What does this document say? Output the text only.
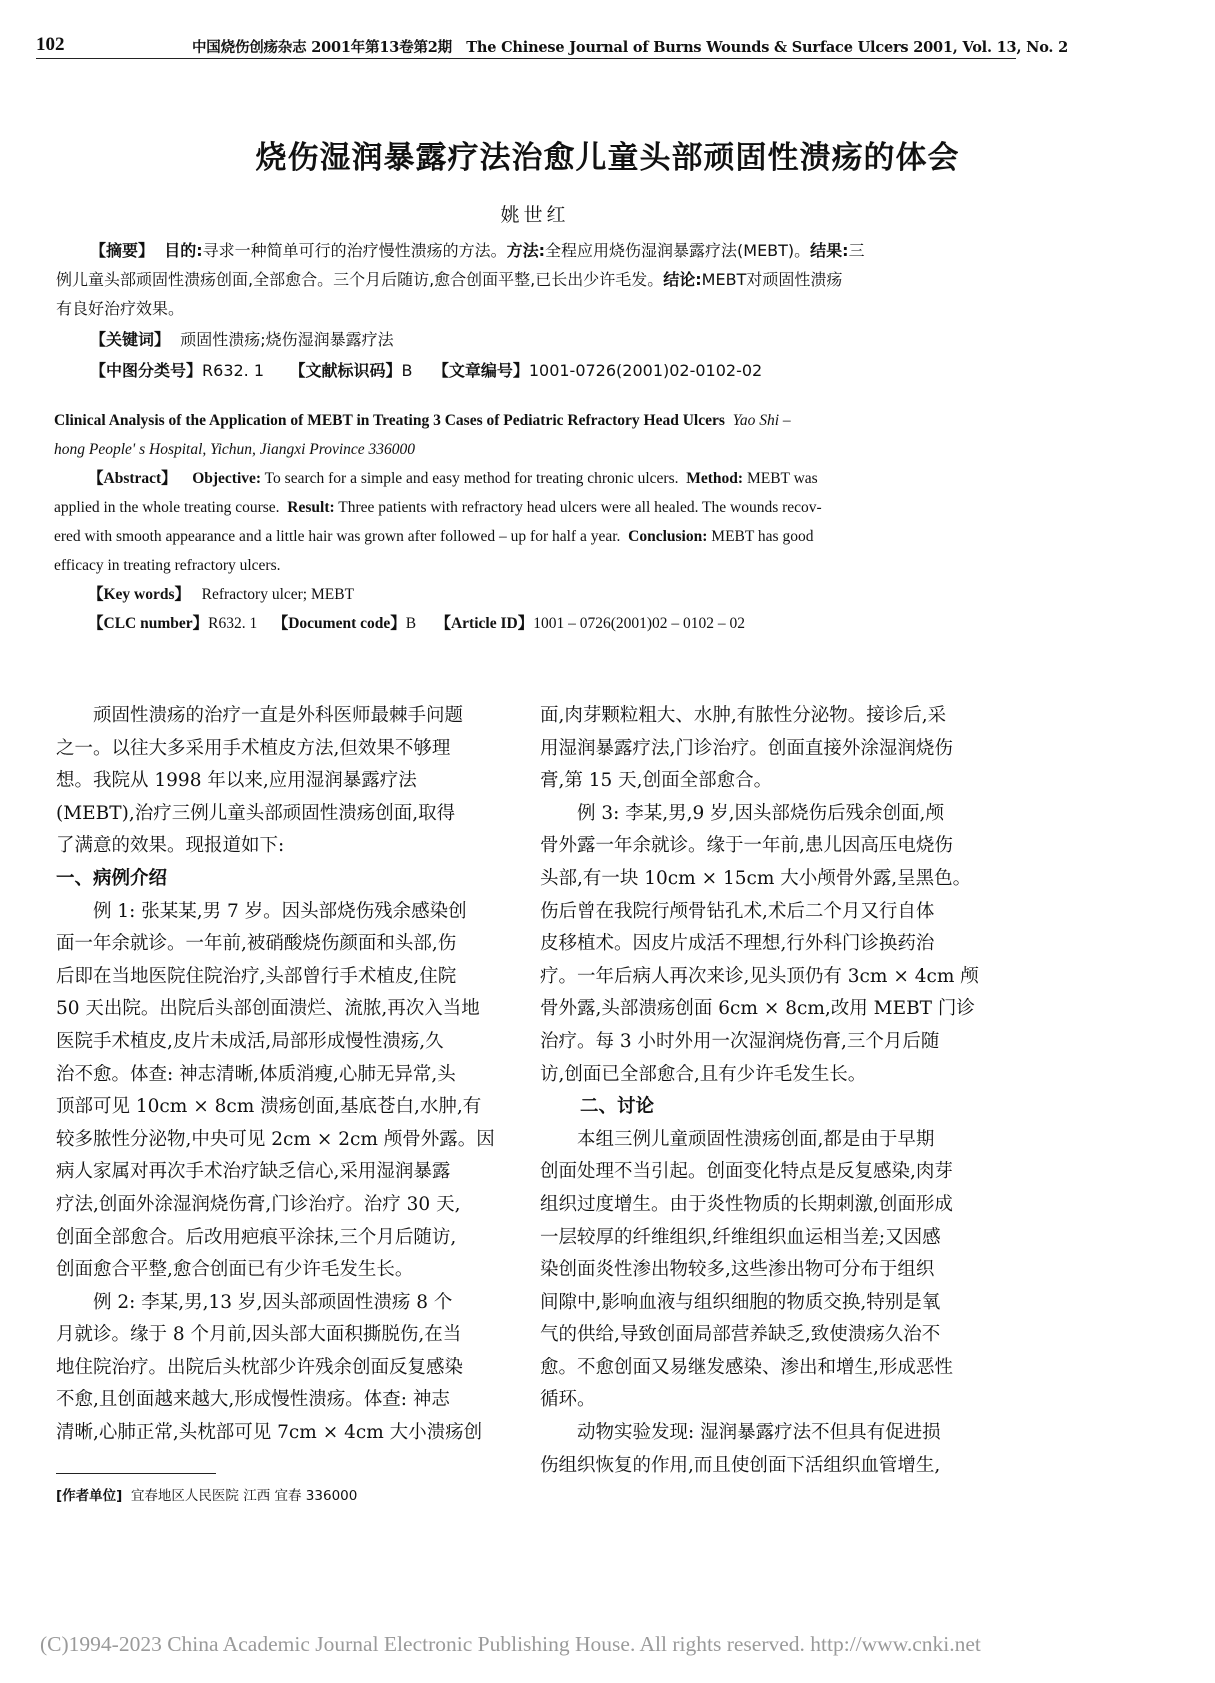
102	中国烧伤创疡杂志 2001年第13卷第2期　The Chinese Journal of Burns Wounds & Surface Ulcers 2001, Vol. 13, No. 2
烧伤湿润暴露疗法治愈儿童头部顽固性溃疡的体会
姚世红
【摘要】 目的:寻求一种简单可行的治疗慢性溃疡的方法。方法:全程应用烧伤湿润暴露疗法(MEBT)。结果:三
例儿童头部顽固性溃疡创面,全部愈合。三个月后随访,愈合创面平整,已长出少许毛发。结论:MEBT对顽固性溃疡
有良好治疗效果。
【关键词】 顽固性溃疡;烧伤湿润暴露疗法
【中图分类号】R632. 1 【文献标识码】B 【文章编号】1001-0726(2001)02-0102-02
Clinical Analysis of the Application of MEBT in Treating 3 Cases of Pediatric Refractory Head Ulcers Yao Shi –
hong People' s Hospital, Yichun, Jiangxi Province 336000
【Abstract】 Objective: To search for a simple and easy method for treating chronic ulcers. Method: MEBT was
applied in the whole treating course. Result: Three patients with refractory head ulcers were all healed. The wounds recov-
ered with smooth appearance and a little hair was grown after followed – up for half a year. Conclusion: MEBT has good
efficacy in treating refractory ulcers.
【Key words】 Refractory ulcer; MEBT
【CLC number】R632. 1 【Document code】B 【Article ID】1001 – 0726(2001)02 – 0102 – 02

顽固性溃疡的治疗一直是外科医师最棘手问题

之一。以往大多采用手术植皮方法,但效果不够理

想。我院从 1998 年以来,应用湿润暴露疗法

(MEBT),治疗三例儿童头部顽固性溃疡创面,取得

了满意的效果。现报道如下:

一、病例介绍

例 1: 张某某,男 7 岁。因头部烧伤残余感染创

面一年余就诊。一年前,被硝酸烧伤颜面和头部,伤

后即在当地医院住院治疗,头部曾行手术植皮,住院

50 天出院。出院后头部创面溃烂、流脓,再次入当地

医院手术植皮,皮片未成活,局部形成慢性溃疡,久

治不愈。体查: 神志清晰,体质消瘦,心肺无异常,头

顶部可见 10cm × 8cm 溃疡创面,基底苍白,水肿,有

较多脓性分泌物,中央可见 2cm × 2cm 颅骨外露。因

病人家属对再次手术治疗缺乏信心,采用湿润暴露

疗法,创面外涂湿润烧伤膏,门诊治疗。治疗 30 天,

创面全部愈合。后改用疤痕平涂抹,三个月后随访,

创面愈合平整,愈合创面已有少许毛发生长。

例 2: 李某,男,13 岁,因头部顽固性溃疡 8 个

月就诊。缘于 8 个月前,因头部大面积撕脱伤,在当

地住院治疗。出院后头枕部少许残余创面反复感染

不愈,且创面越来越大,形成慢性溃疡。体查: 神志

清晰,心肺正常,头枕部可见 7cm × 4cm 大小溃疡创

面,肉芽颗粒粗大、水肿,有脓性分泌物。接诊后,采

用湿润暴露疗法,门诊治疗。创面直接外涂湿润烧伤

膏,第 15 天,创面全部愈合。

例 3: 李某,男,9 岁,因头部烧伤后残余创面,颅

骨外露一年余就诊。缘于一年前,患儿因高压电烧伤

头部,有一块 10cm × 15cm 大小颅骨外露,呈黑色。

伤后曾在我院行颅骨钻孔术,术后二个月又行自体

皮移植术。因皮片成活不理想,行外科门诊换药治

疗。一年后病人再次来诊,见头顶仍有 3cm × 4cm 颅

骨外露,头部溃疡创面 6cm × 8cm,改用 MEBT 门诊

治疗。每 3 小时外用一次湿润烧伤膏,三个月后随

访,创面已全部愈合,且有少许毛发生长。

二、讨论

本组三例儿童顽固性溃疡创面,都是由于早期

创面处理不当引起。创面变化特点是反复感染,肉芽

组织过度增生。由于炎性物质的长期刺激,创面形成

一层较厚的纤维组织,纤维组织血运相当差;又因感

染创面炎性渗出物较多,这些渗出物可分布于组织

间隙中,影响血液与组织细胞的物质交换,特别是氧

气的供给,导致创面局部营养缺乏,致使溃疡久治不

愈。不愈创面又易继发感染、渗出和增生,形成恶性

循环。

动物实验发现: 湿润暴露疗法不但具有促进损

伤组织恢复的作用,而且使创面下活组织血管增生,

[作者单位] 宜春地区人民医院 江西 宜春 336000
(C)1994-2023 China Academic Journal Electronic Publishing House. All rights reserved. http://www.cnki.net
